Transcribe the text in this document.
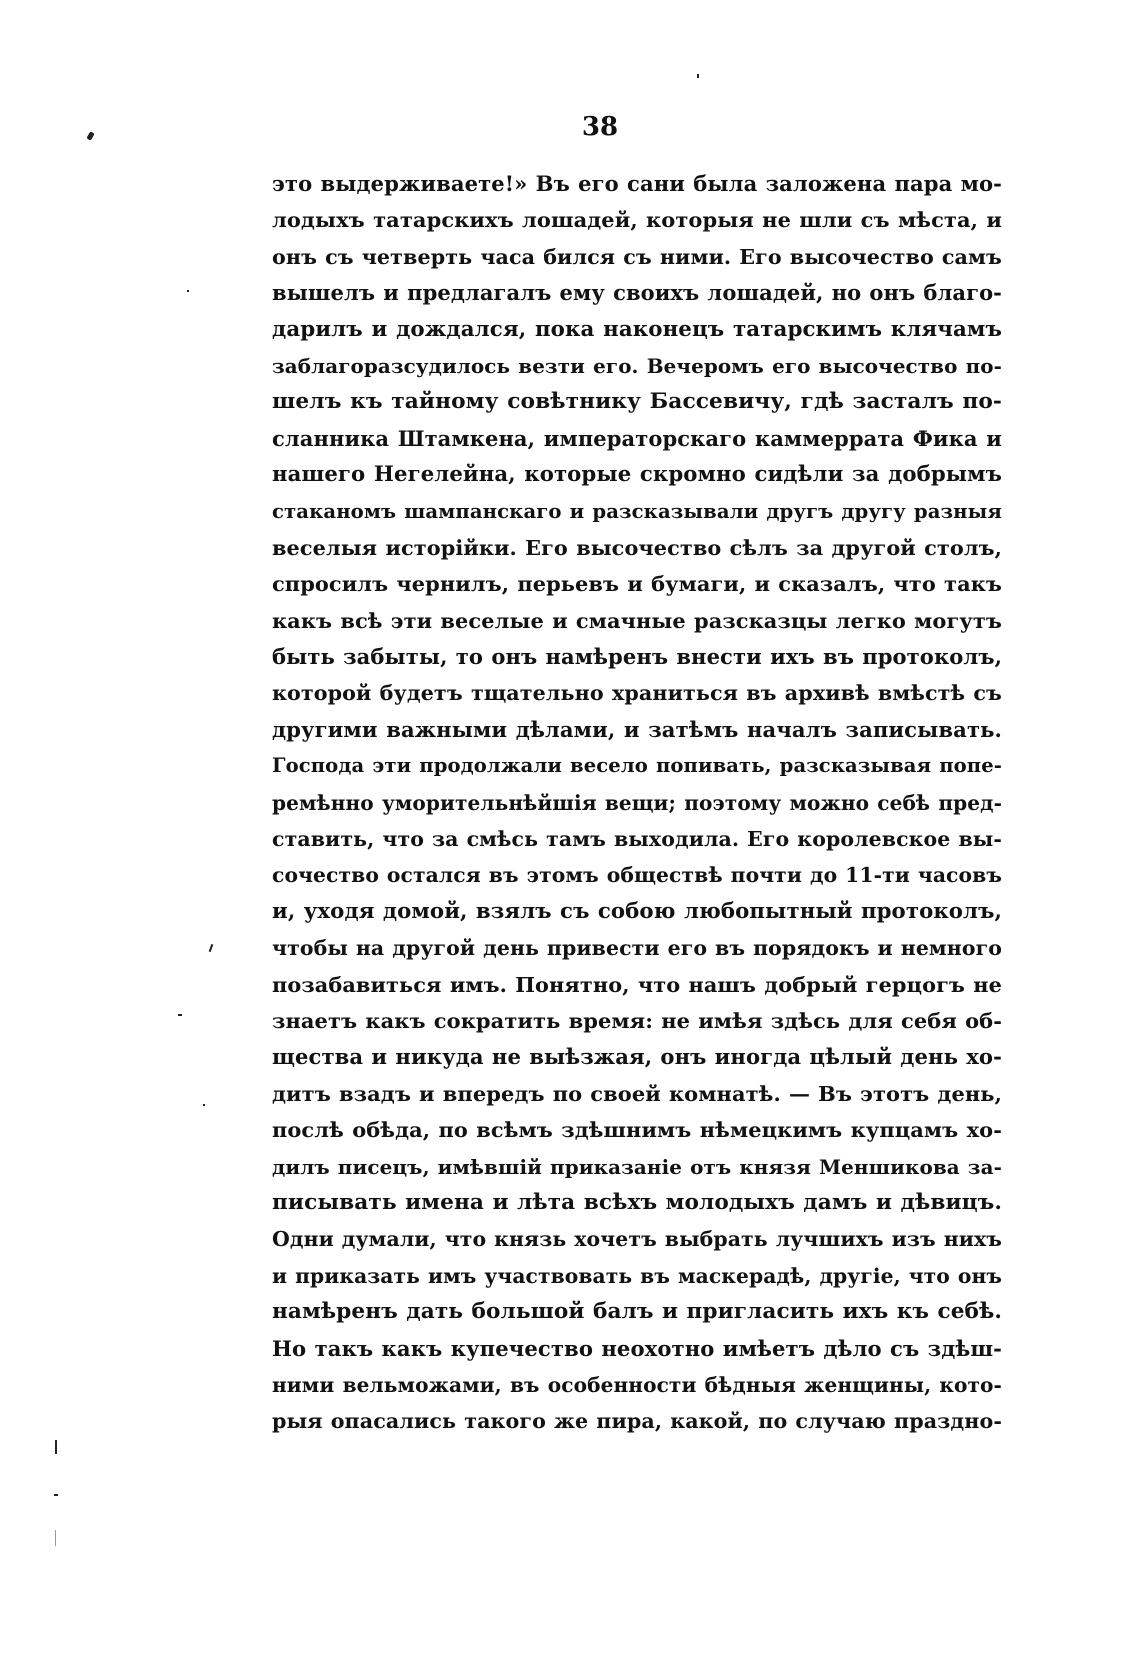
38
это выдерживаете!» Въ его сани была заложена пара мо-
лодыхъ татарскихъ лошадей, которыя не шли съ мѣста, и
онъ съ четверть часа бился съ ними. Его высочество самъ
вышелъ и предлагалъ ему своихъ лошадей, но онъ благо-
дарилъ и дождался, пока наконецъ татарскимъ клячамъ
заблагоразсудилось везти его. Вечеромъ его высочество по-
шелъ къ тайному совѣтнику Бассевичу, гдѣ засталъ по-
сланника Штамкена, императорскаго каммеррата Фика и
нашего Негелейна, которые скромно сидѣли за добрымъ
стаканомъ шампанскаго и разсказывали другъ другу разныя
веселыя исторійки. Его высочество сѣлъ за другой столъ,
спросилъ чернилъ, перьевъ и бумаги, и сказалъ, что такъ
какъ всѣ эти веселые и смачные разсказцы легко могутъ
быть забыты, то онъ намѣренъ внести ихъ въ протоколъ,
которой будетъ тщательно храниться въ архивѣ вмѣстѣ съ
другими важными дѣлами, и затѣмъ началъ записывать.
Господа эти продолжали весело попивать, разсказывая попе-
ремѣнно уморительнѣйшія вещи; поэтому можно себѣ пред-
ставить, что за смѣсь тамъ выходила. Его королевское вы-
сочество остался въ этомъ обществѣ почти до 11-ти часовъ
и, уходя домой, взялъ съ собою любопытный протоколъ,
чтобы на другой день привести его въ порядокъ и немного
позабавиться имъ. Понятно, что нашъ добрый герцогъ не
знаетъ какъ сократить время: не имѣя здѣсь для себя об-
щества и никуда не выѣзжая, онъ иногда цѣлый день хо-
дитъ взадъ и впередъ по своей комнатѣ. — Въ этотъ день,
послѣ обѣда, по всѣмъ здѣшнимъ нѣмецкимъ купцамъ хо-
дилъ писецъ, имѣвшій приказаніе отъ князя Меншикова за-
писывать имена и лѣта всѣхъ молодыхъ дамъ и дѣвицъ.
Одни думали, что князь хочетъ выбрать лучшихъ изъ нихъ
и приказать имъ участвовать въ маскерадѣ, другіе, что онъ
намѣренъ дать большой балъ и пригласить ихъ къ себѣ.
Но такъ какъ купечество неохотно имѣетъ дѣло съ здѣш-
ними вельможами, въ особенности бѣдныя женщины, кото-
рыя опасались такого же пира, какой, по случаю праздно-
